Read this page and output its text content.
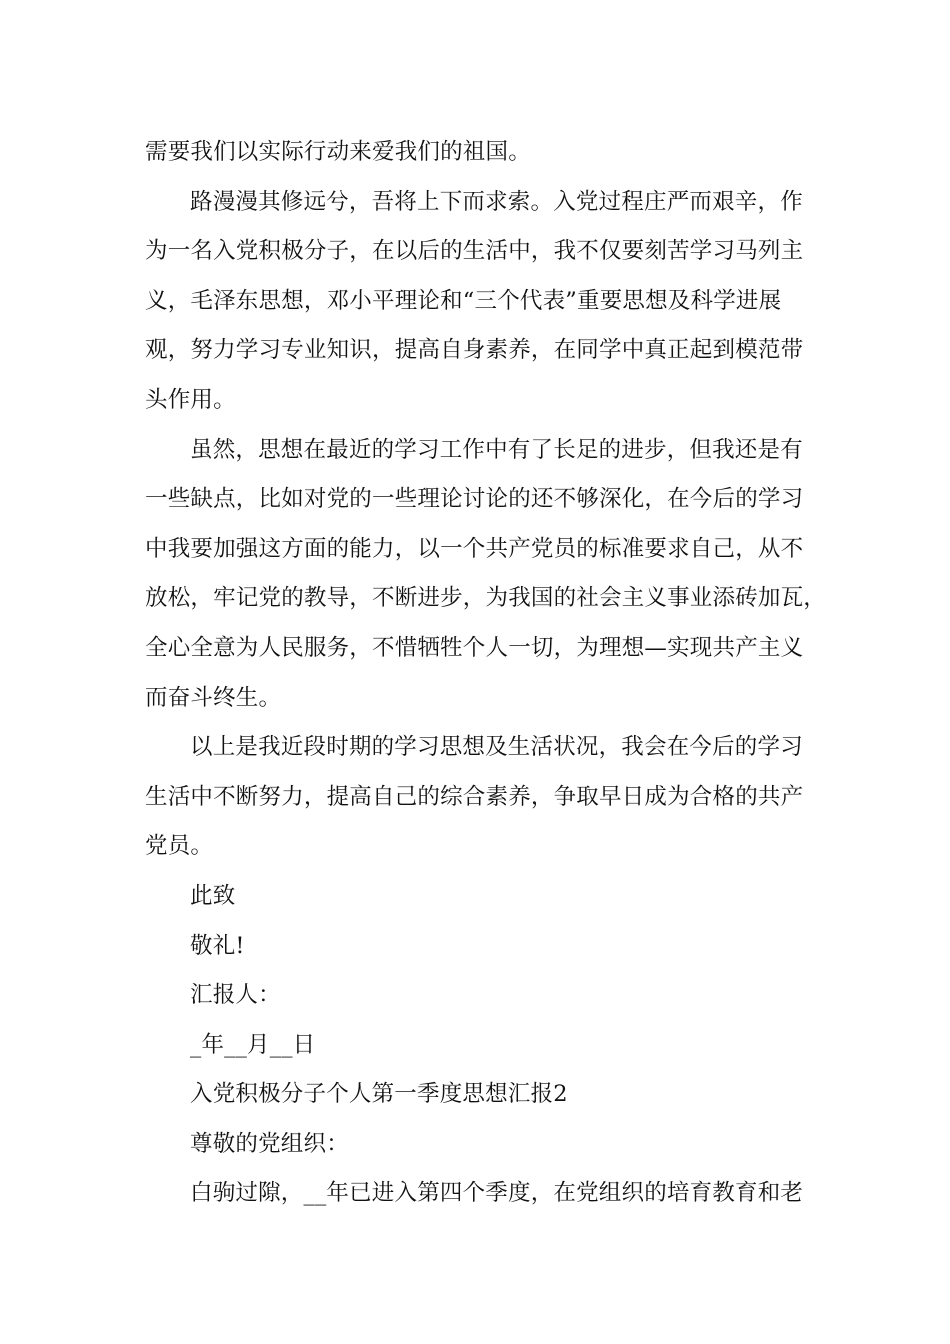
需要我们以实际行动来爱我们的祖国。
路漫漫其修远兮，吾将上下而求索。入党过程庄严而艰辛，作
为一名入党积极分子，在以后的生活中，我不仅要刻苦学习马列主
义，毛泽东思想，邓小平理论和“三个代表”重要思想及科学进展
观，努力学习专业知识，提高自身素养，在同学中真正起到模范带
头作用。
虽然，思想在最近的学习工作中有了长足的进步，但我还是有
一些缺点，比如对党的一些理论讨论的还不够深化，在今后的学习
中我要加强这方面的能力，以一个共产党员的标准要求自己，从不
放松，牢记党的教导，不断进步，为我国的社会主义事业添砖加瓦，
全心全意为人民服务，不惜牺牲个人一切，为理想—实现共产主义
而奋斗终生。
以上是我近段时期的学习思想及生活状况，我会在今后的学习
生活中不断努力，提高自己的综合素养，争取早日成为合格的共产
党员。
此致
敬礼!
汇报人：
_年__月__日
入党积极分子个人第一季度思想汇报2
尊敬的党组织：
白驹过隙，__年已进入第四个季度，在党组织的培育教育和老
